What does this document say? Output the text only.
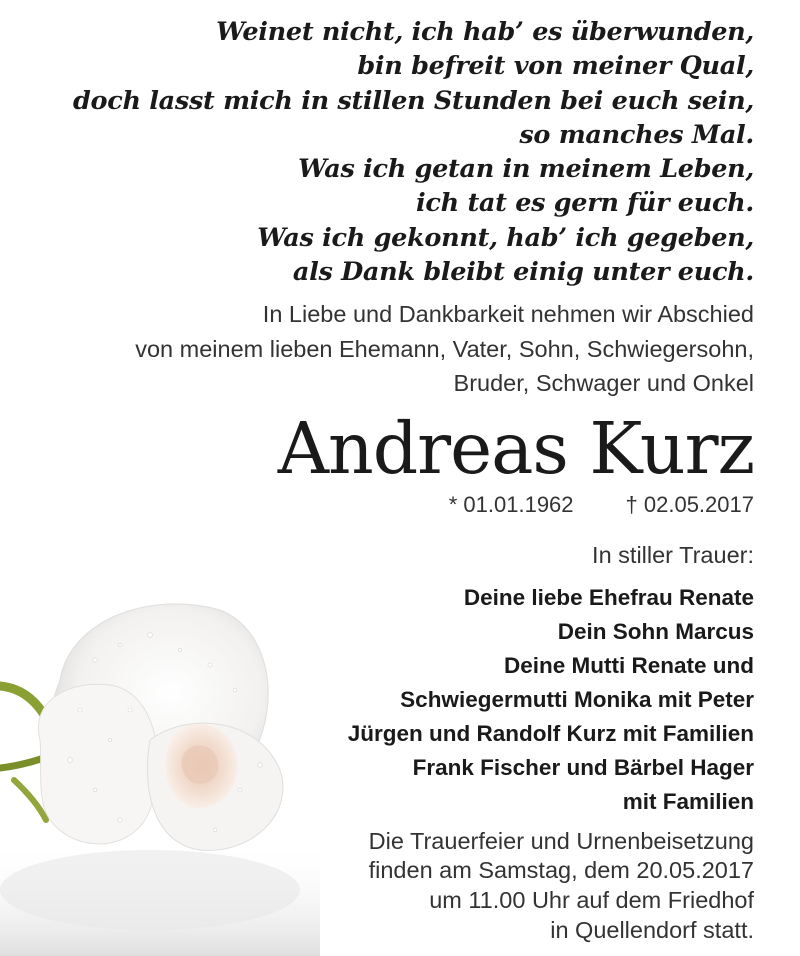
Weinet nicht, ich hab’ es überwunden,
bin befreit von meiner Qual,
doch lasst mich in stillen Stunden bei euch sein,
so manches Mal.
Was ich getan in meinem Leben,
ich tat es gern für euch.
Was ich gekonnt, hab’ ich gegeben,
als Dank bleibt einig unter euch.
In Liebe und Dankbarkeit nehmen wir Abschied
von meinem lieben Ehemann, Vater, Sohn, Schwiegersohn,
Bruder, Schwager und Onkel
Andreas Kurz
* 01.01.1962 † 02.05.2017
In stiller Trauer:
Deine liebe Ehefrau Renate
Dein Sohn Marcus
Deine Mutti Renate und
Schwiegermutti Monika mit Peter
Jürgen und Randolf Kurz mit Familien
Frank Fischer und Bärbel Hager
mit Familien
Die Trauerfeier und Urnenbeisetzung
finden am Samstag, dem 20.05.2017
um 11.00 Uhr auf dem Friedhof
in Quellendorf statt.
